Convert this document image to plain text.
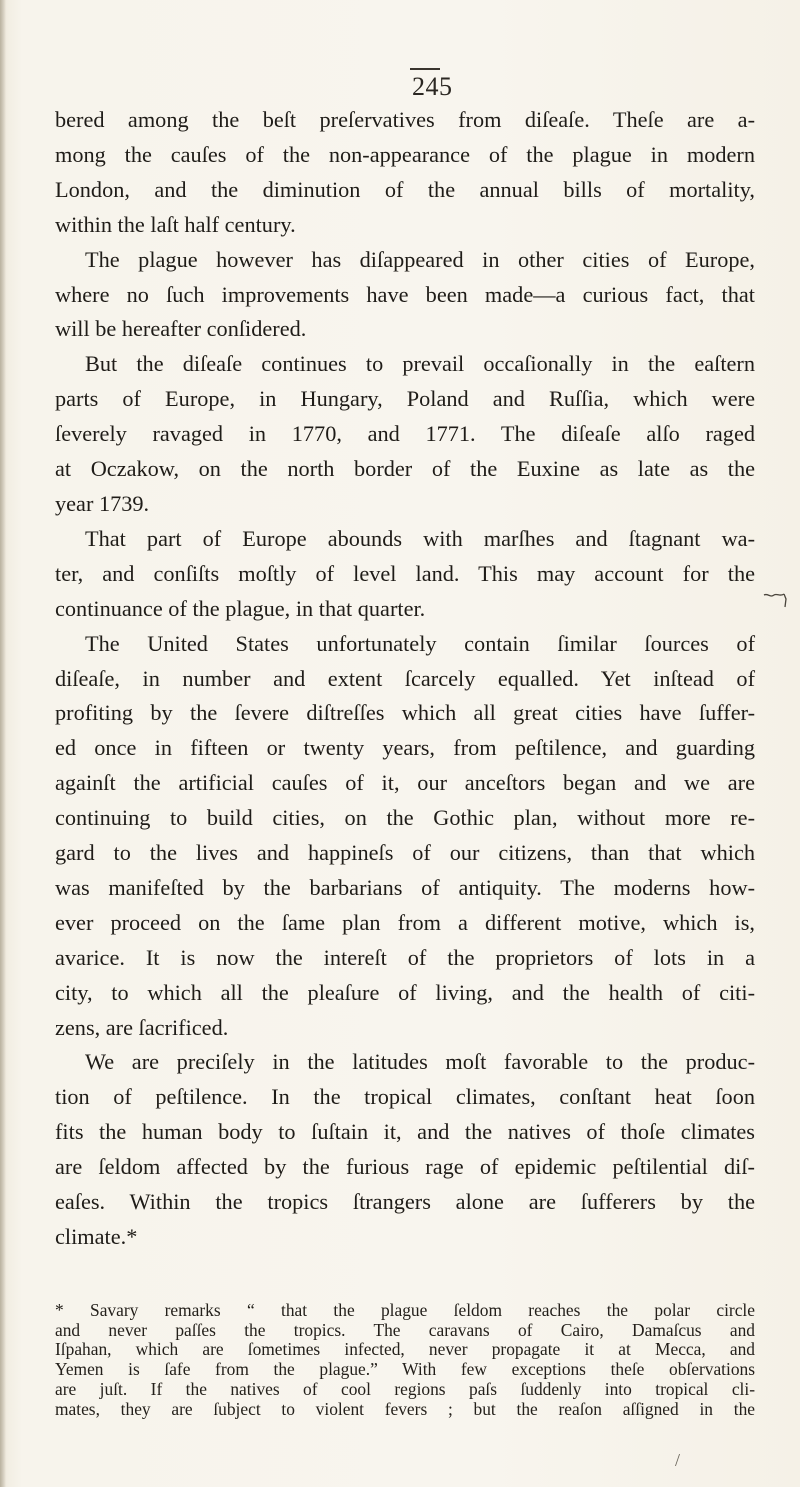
245
bered among the beſt preſervatives from diſeaſe. Theſe are a-
mong the cauſes of the non-appearance of the plague in modern
London, and the diminution of the annual bills of mortality,
within the laſt half century.
The plague however has diſappeared in other cities of Europe,
where no ſuch improvements have been made—a curious fact, that
will be hereafter conſidered.
But the diſeaſe continues to prevail occaſionally in the eaſtern
parts of Europe, in Hungary, Poland and Ruſſia, which were
ſeverely ravaged in 1770, and 1771. The diſeaſe alſo raged
at Oczakow, on the north border of the Euxine as late as the
year 1739.
That part of Europe abounds with marſhes and ſtagnant wa-
ter, and conſiſts moſtly of level land. This may account for the
continuance of the plague, in that quarter.
The United States unfortunately contain ſimilar ſources of
diſeaſe, in number and extent ſcarcely equalled. Yet inſtead of
profiting by the ſevere diſtreſſes which all great cities have ſuffer-
ed once in fifteen or twenty years, from peſtilence, and guarding
againſt the artificial cauſes of it, our anceſtors began and we are
continuing to build cities, on the Gothic plan, without more re-
gard to the lives and happineſs of our citizens, than that which
was manifeſted by the barbarians of antiquity. The moderns how-
ever proceed on the ſame plan from a different motive, which is,
avarice. It is now the intereſt of the proprietors of lots in a
city, to which all the pleaſure of living, and the health of citi-
zens, are ſacrificed.
We are preciſely in the latitudes moſt favorable to the produc-
tion of peſtilence. In the tropical climates, conſtant heat ſoon
fits the human body to ſuſtain it, and the natives of thoſe climates
are ſeldom affected by the furious rage of epidemic peſtilential diſ-
eaſes. Within the tropics ſtrangers alone are ſufferers by the
climate.*
* Savary remarks “ that the plague ſeldom reaches the polar circle
and never paſſes the tropics. The caravans of Cairo, Damaſcus and
Iſpahan, which are ſometimes infected, never propagate it at Mecca, and
Yemen is ſafe from the plague.” With few exceptions theſe obſervations
are juſt. If the natives of cool regions paſs ſuddenly into tropical cli-
mates, they are ſubject to violent fevers ; but the reaſon aſſigned in the
/
